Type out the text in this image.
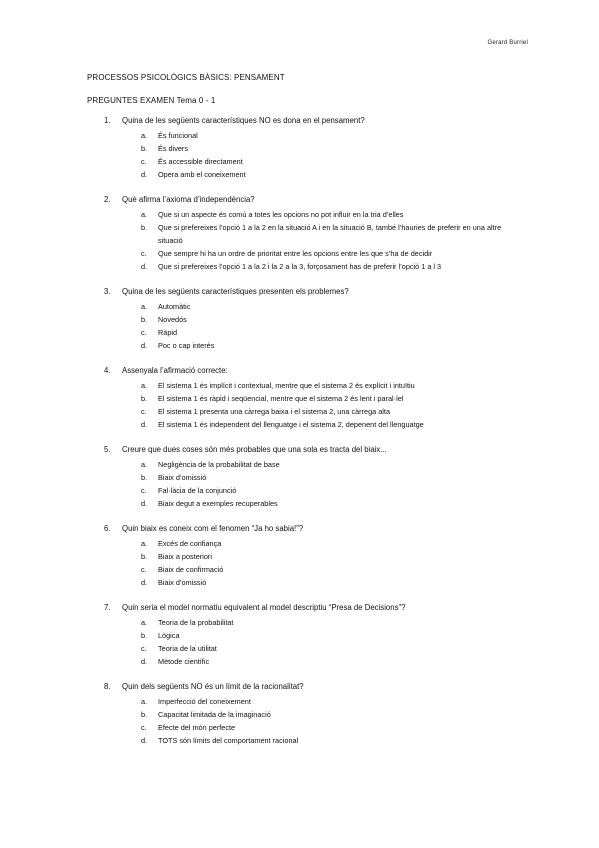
Gerard Burriel
PROCESSOS PSICOLÒGICS BÀSICS: PENSAMENT
PREGUNTES EXAMEN Tema 0 - 1
1. Quina de les següents característiques NO es dona en el pensament?
a. És funcional
b. És divers
c. És accessible directament
d. Opera amb el coneixement
2. Què afirma l’axioma d’independència?
a. Que si un aspecte és comú a totes les opcions no pot influir en la tria d’elles
b. Que si prefereixes l’opció 1 a la 2 en la situació A i en la situació B, també l’hauries de preferir en una altre situació
c. Que sempre hi ha un ordre de prioritat entre les opcions entre les que s’ha de decidir
d. Que si prefereixes l’opció 1 a la 2 i la 2 a la 3, forçosament has de preferir l’opció 1 a l 3
3. Quina de les següents característiques presenten els problemes?
a. Automàtic
b. Novedós
c. Ràpid
d. Poc o cap interès
4. Assenyala l’afirmació correcte:
a. El sistema 1 és implícit i contextual, mentre que el sistema 2 és explícit i intuïtiu
b. El sistema 1 és ràpid i seqüencial, mentre que el sistema 2 és lent i paral·lel
c. El sistema 1 presenta una càrrega baixa i el sistema 2, una càrrega alta
d. El sistema 1 és independent del llenguatge i el sistema 2, depenent del llenguatge
5. Creure que dues coses són més probables que una sola es tracta del biaix...
a. Negligència de la probabilitat de base
b. Biaix d’omissió
c. Fal·làcia de la conjunció
d. Biaix degut a exemples recuperables
6. Quin biaix es coneix com el fenomen “Ja ho sabia!”?
a. Excés de confiança
b. Biaix a posteriori
c. Biaix de confirmació
d. Biaix d’omissió
7. Quin seria el model normatiu equivalent al model descriptiu “Presa de Decisions”?
a. Teoria de la probabilitat
b. Lògica
c. Teoria de la utilitat
d. Mètode científic
8. Quin dels següents NO és un límit de la racionalitat?
a. Imperfecció del coneixement
b. Capacitat limitada de la imaginació
c. Efecte del món perfecte
d. TOTS són límits del comportament racional
